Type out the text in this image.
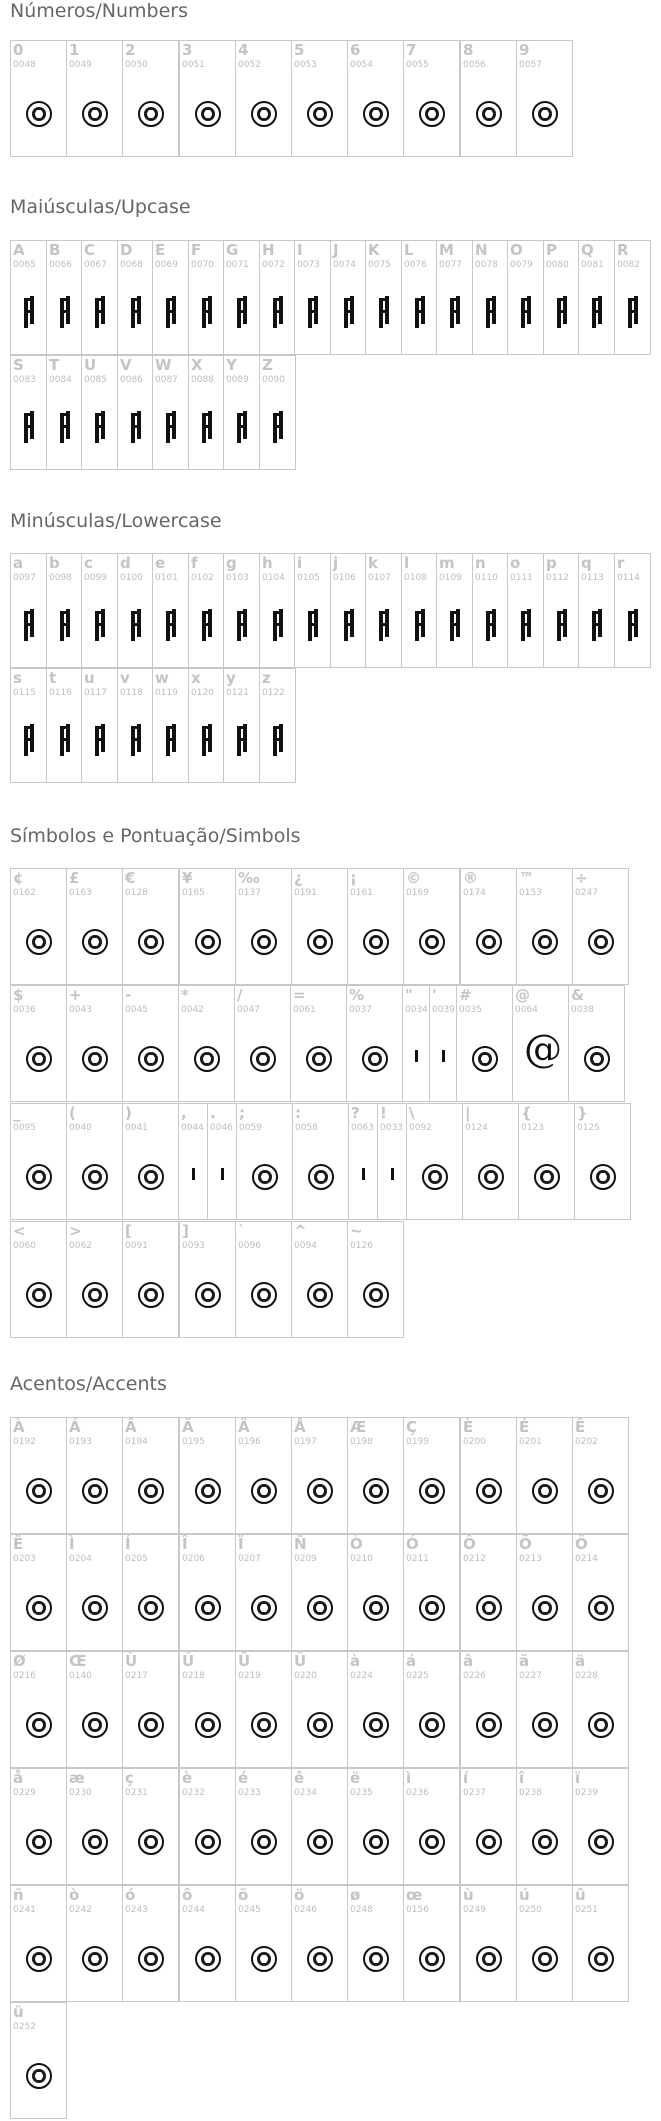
Números/Numbers
0
0048
1
0049
2
0050
3
0051
4
0052
5
0053
6
0054
7
0055
8
0056
9
0057
Maiúsculas/Upcase
A
0065
B
0066
C
0067
D
0068
E
0069
F
0070
G
0071
H
0072
I
0073
J
0074
K
0075
L
0076
M
0077
N
0078
O
0079
P
0080
Q
0081
R
0082
S
0083
T
0084
U
0085
V
0086
W
0087
X
0088
Y
0089
Z
0090
Minúsculas/Lowercase
a
0097
b
0098
c
0099
d
0100
e
0101
f
0102
g
0103
h
0104
i
0105
j
0106
k
0107
l
0108
m
0109
n
0110
o
0111
p
0112
q
0113
r
0114
s
0115
t
0116
u
0117
v
0118
w
0119
x
0120
y
0121
z
0122
Símbolos e Pontuação/Simbols
¢
0162
£
0163
€
0128
¥
0165
‰
0137
¿
0191
¡
0161
©
0169
®
0174
™
0153
÷
0247
$
0036
+
0043
-
0045
*
0042
/
0047
=
0061
%
0037
"
0034
'
0039
#
0035
@
0064
@
&
0038
_
0095
(
0040
)
0041
,
0044
.
0046
;
0059
:
0058
?
0063
!
0033
\
0092
|
0124
{
0123
}
0125
<
0060
>
0062
[
0091
]
0093
`
0096
^
0094
~
0126
Acentos/Accents
À
0192
Á
0193
Â
0194
Ã
0195
Ä
0196
Å
0197
Æ
0198
Ç
0199
È
0200
É
0201
Ê
0202
Ë
0203
Ì
0204
Í
0205
Î
0206
Ï
0207
Ñ
0209
Ò
0210
Ó
0211
Ô
0212
Õ
0213
Ö
0214
Ø
0216
Œ
0140
Ù
0217
Ú
0218
Û
0219
Ü
0220
à
0224
á
0225
â
0226
ã
0227
ä
0228
å
0229
æ
0230
ç
0231
è
0232
é
0233
ê
0234
ë
0235
ì
0236
í
0237
î
0238
ï
0239
ñ
0241
ò
0242
ó
0243
ô
0244
õ
0245
ö
0246
ø
0248
œ
0156
ù
0249
ú
0250
û
0251
ü
0252
